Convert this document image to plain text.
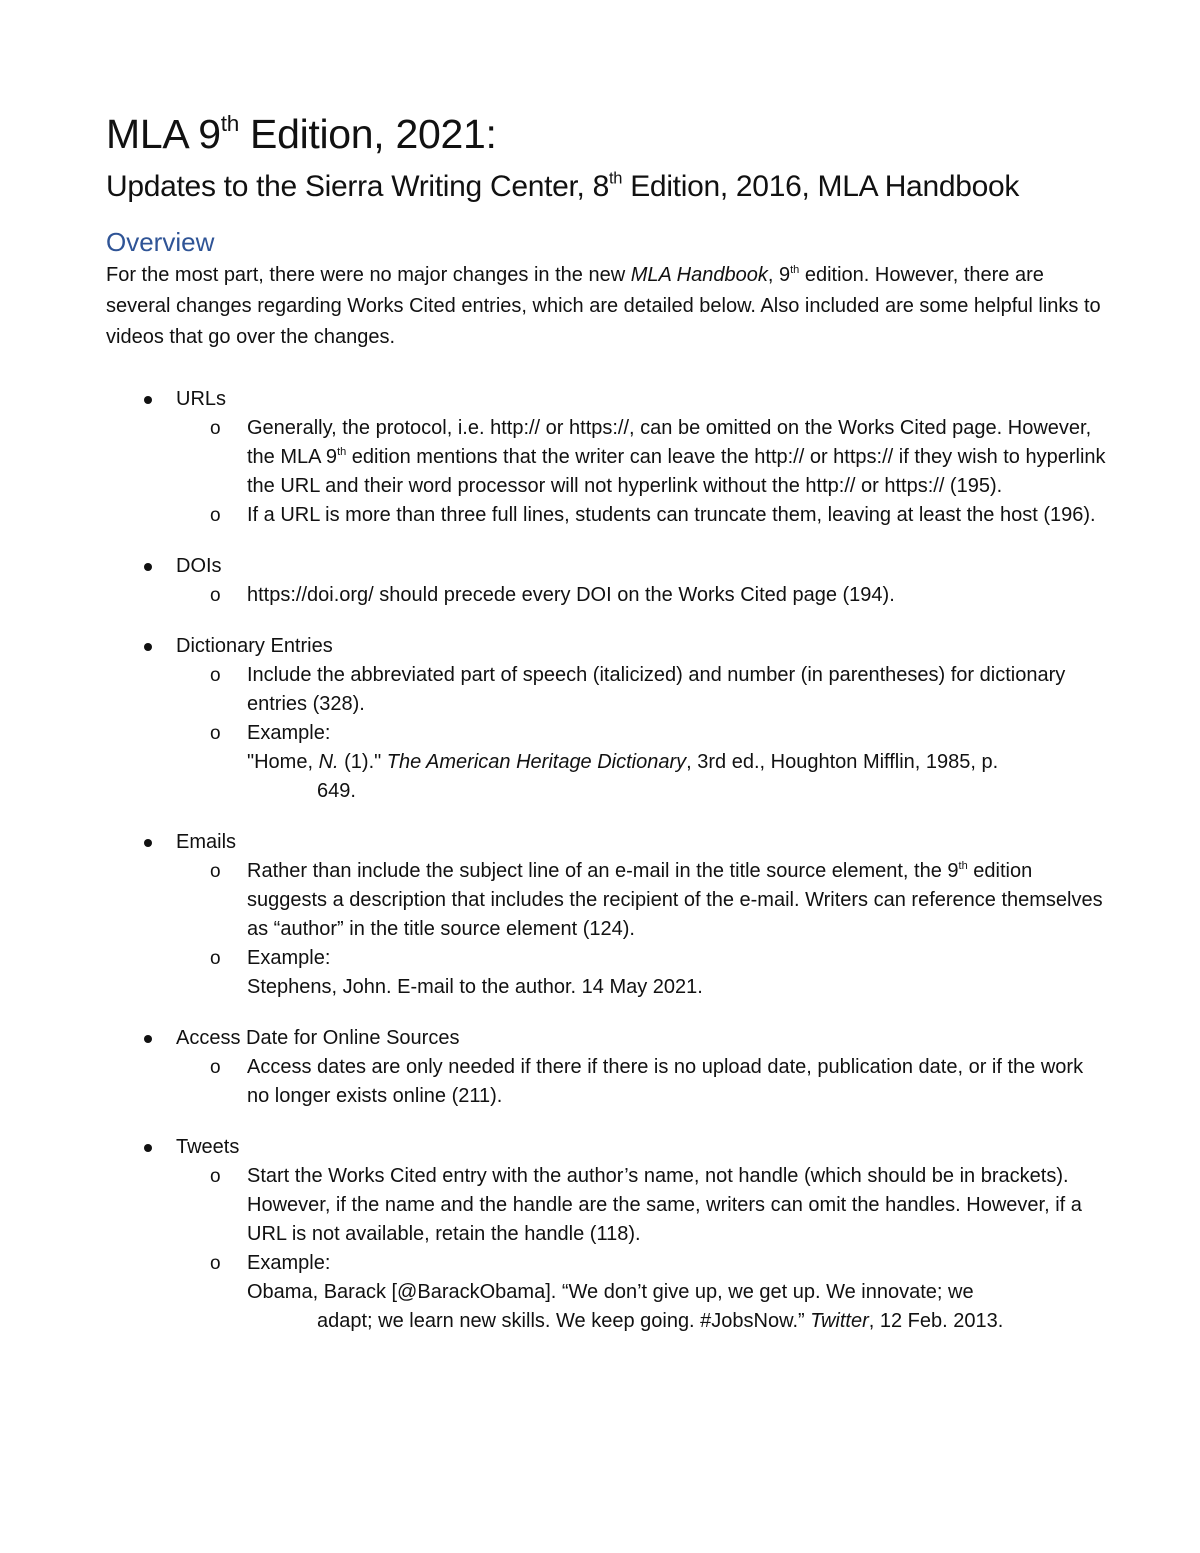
MLA 9th Edition, 2021:
Updates to the Sierra Writing Center, 8th Edition, 2016, MLA Handbook
Overview

For the most part, there were no major changes in the new MLA Handbook, 9th edition. However, there are several changes regarding Works Cited entries, which are detailed below. Also included are some helpful links to videos that go over the changes.

URLs
o Generally, the protocol, i.e. http:// or https://, can be omitted on the Works Cited page. However, the MLA 9th edition mentions that the writer can leave the http:// or https:// if they wish to hyperlink the URL and their word processor will not hyperlink without the http:// or https:// (195).
o If a URL is more than three full lines, students can truncate them, leaving at least the host (196).
DOIs
o https://doi.org/ should precede every DOI on the Works Cited page (194).
Dictionary Entries
o Include the abbreviated part of speech (italicized) and number (in parentheses) for dictionary entries (328).
o Example:
"Home, N. (1)." The American Heritage Dictionary, 3rd ed., Houghton Mifflin, 1985, p.
649.
Emails
o Rather than include the subject line of an e-mail in the title source element, the 9th edition suggests a description that includes the recipient of the e-mail. Writers can reference themselves as “author” in the title source element (124).
o Example:
Stephens, John. E-mail to the author. 14 May 2021.
Access Date for Online Sources
o Access dates are only needed if there if there is no upload date, publication date, or if the work no longer exists online (211).
Tweets
o Start the Works Cited entry with the author’s name, not handle (which should be in brackets). However, if the name and the handle are the same, writers can omit the handles. However, if a URL is not available, retain the handle (118).
o Example:
Obama, Barack [@BarackObama]. “We don’t give up, we get up. We innovate; we
adapt; we learn new skills. We keep going. #JobsNow.” Twitter, 12 Feb. 2013.
